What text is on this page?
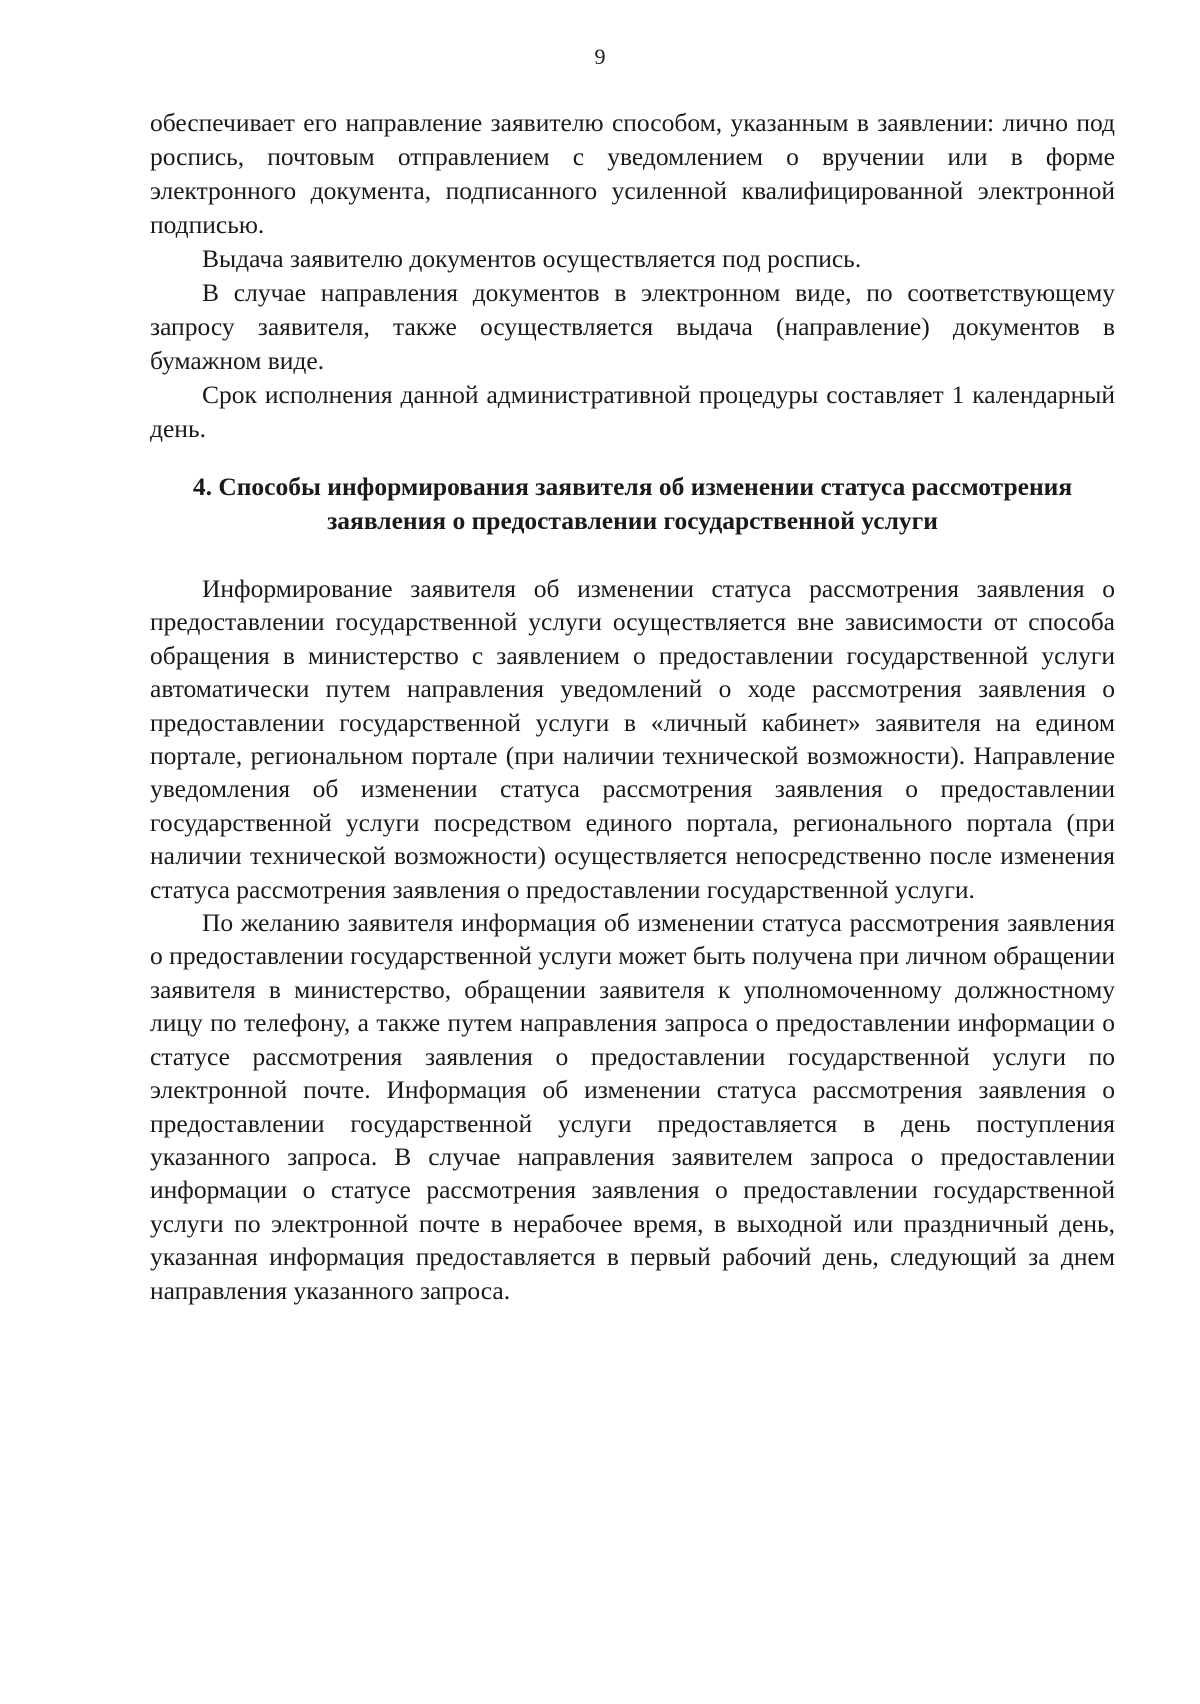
9

обеспечивает его направление заявителю способом, указанным в заявлении: лично под роспись, почтовым отправлением с уведомлением о вручении или в форме электронного документа, подписанного усиленной квалифицированной электронной подписью.

Выдача заявителю документов осуществляется под роспись.

В случае направления документов в электронном виде, по соответствующему запросу заявителя, также осуществляется выдача (направление) документов в бумажном виде.

Срок исполнения данной административной процедуры составляет 1 календарный день.

4. Способы информирования заявителя об изменении статуса рассмотрения заявления о предоставлении государственной услуги

Информирование заявителя об изменении статуса рассмотрения заявления о предоставлении государственной услуги осуществляется вне зависимости от способа обращения в министерство с заявлением о предоставлении государственной услуги автоматически путем направления уведомлений о ходе рассмотрения заявления о предоставлении государственной услуги в «личный кабинет» заявителя на едином портале, региональном портале (при наличии технической возможности). Направление уведомления об изменении статуса рассмотрения заявления о предоставлении государственной услуги посредством единого портала, регионального портала (при наличии технической возможности) осуществляется непосредственно после изменения статуса рассмотрения заявления о предоставлении государственной услуги.

По желанию заявителя информация об изменении статуса рассмотрения заявления о предоставлении государственной услуги может быть получена при личном обращении заявителя в министерство, обращении заявителя к уполномоченному должностному лицу по телефону, а также путем направления запроса о предоставлении информации о статусе рассмотрения заявления о предоставлении государственной услуги по электронной почте. Информация об изменении статуса рассмотрения заявления о предоставлении государственной услуги предоставляется в день поступления указанного запроса. В случае направления заявителем запроса о предоставлении информации о статусе рассмотрения заявления о предоставлении государственной услуги по электронной почте в нерабочее время, в выходной или праздничный день, указанная информация предоставляется в первый рабочий день, следующий за днем направления указанного запроса.
